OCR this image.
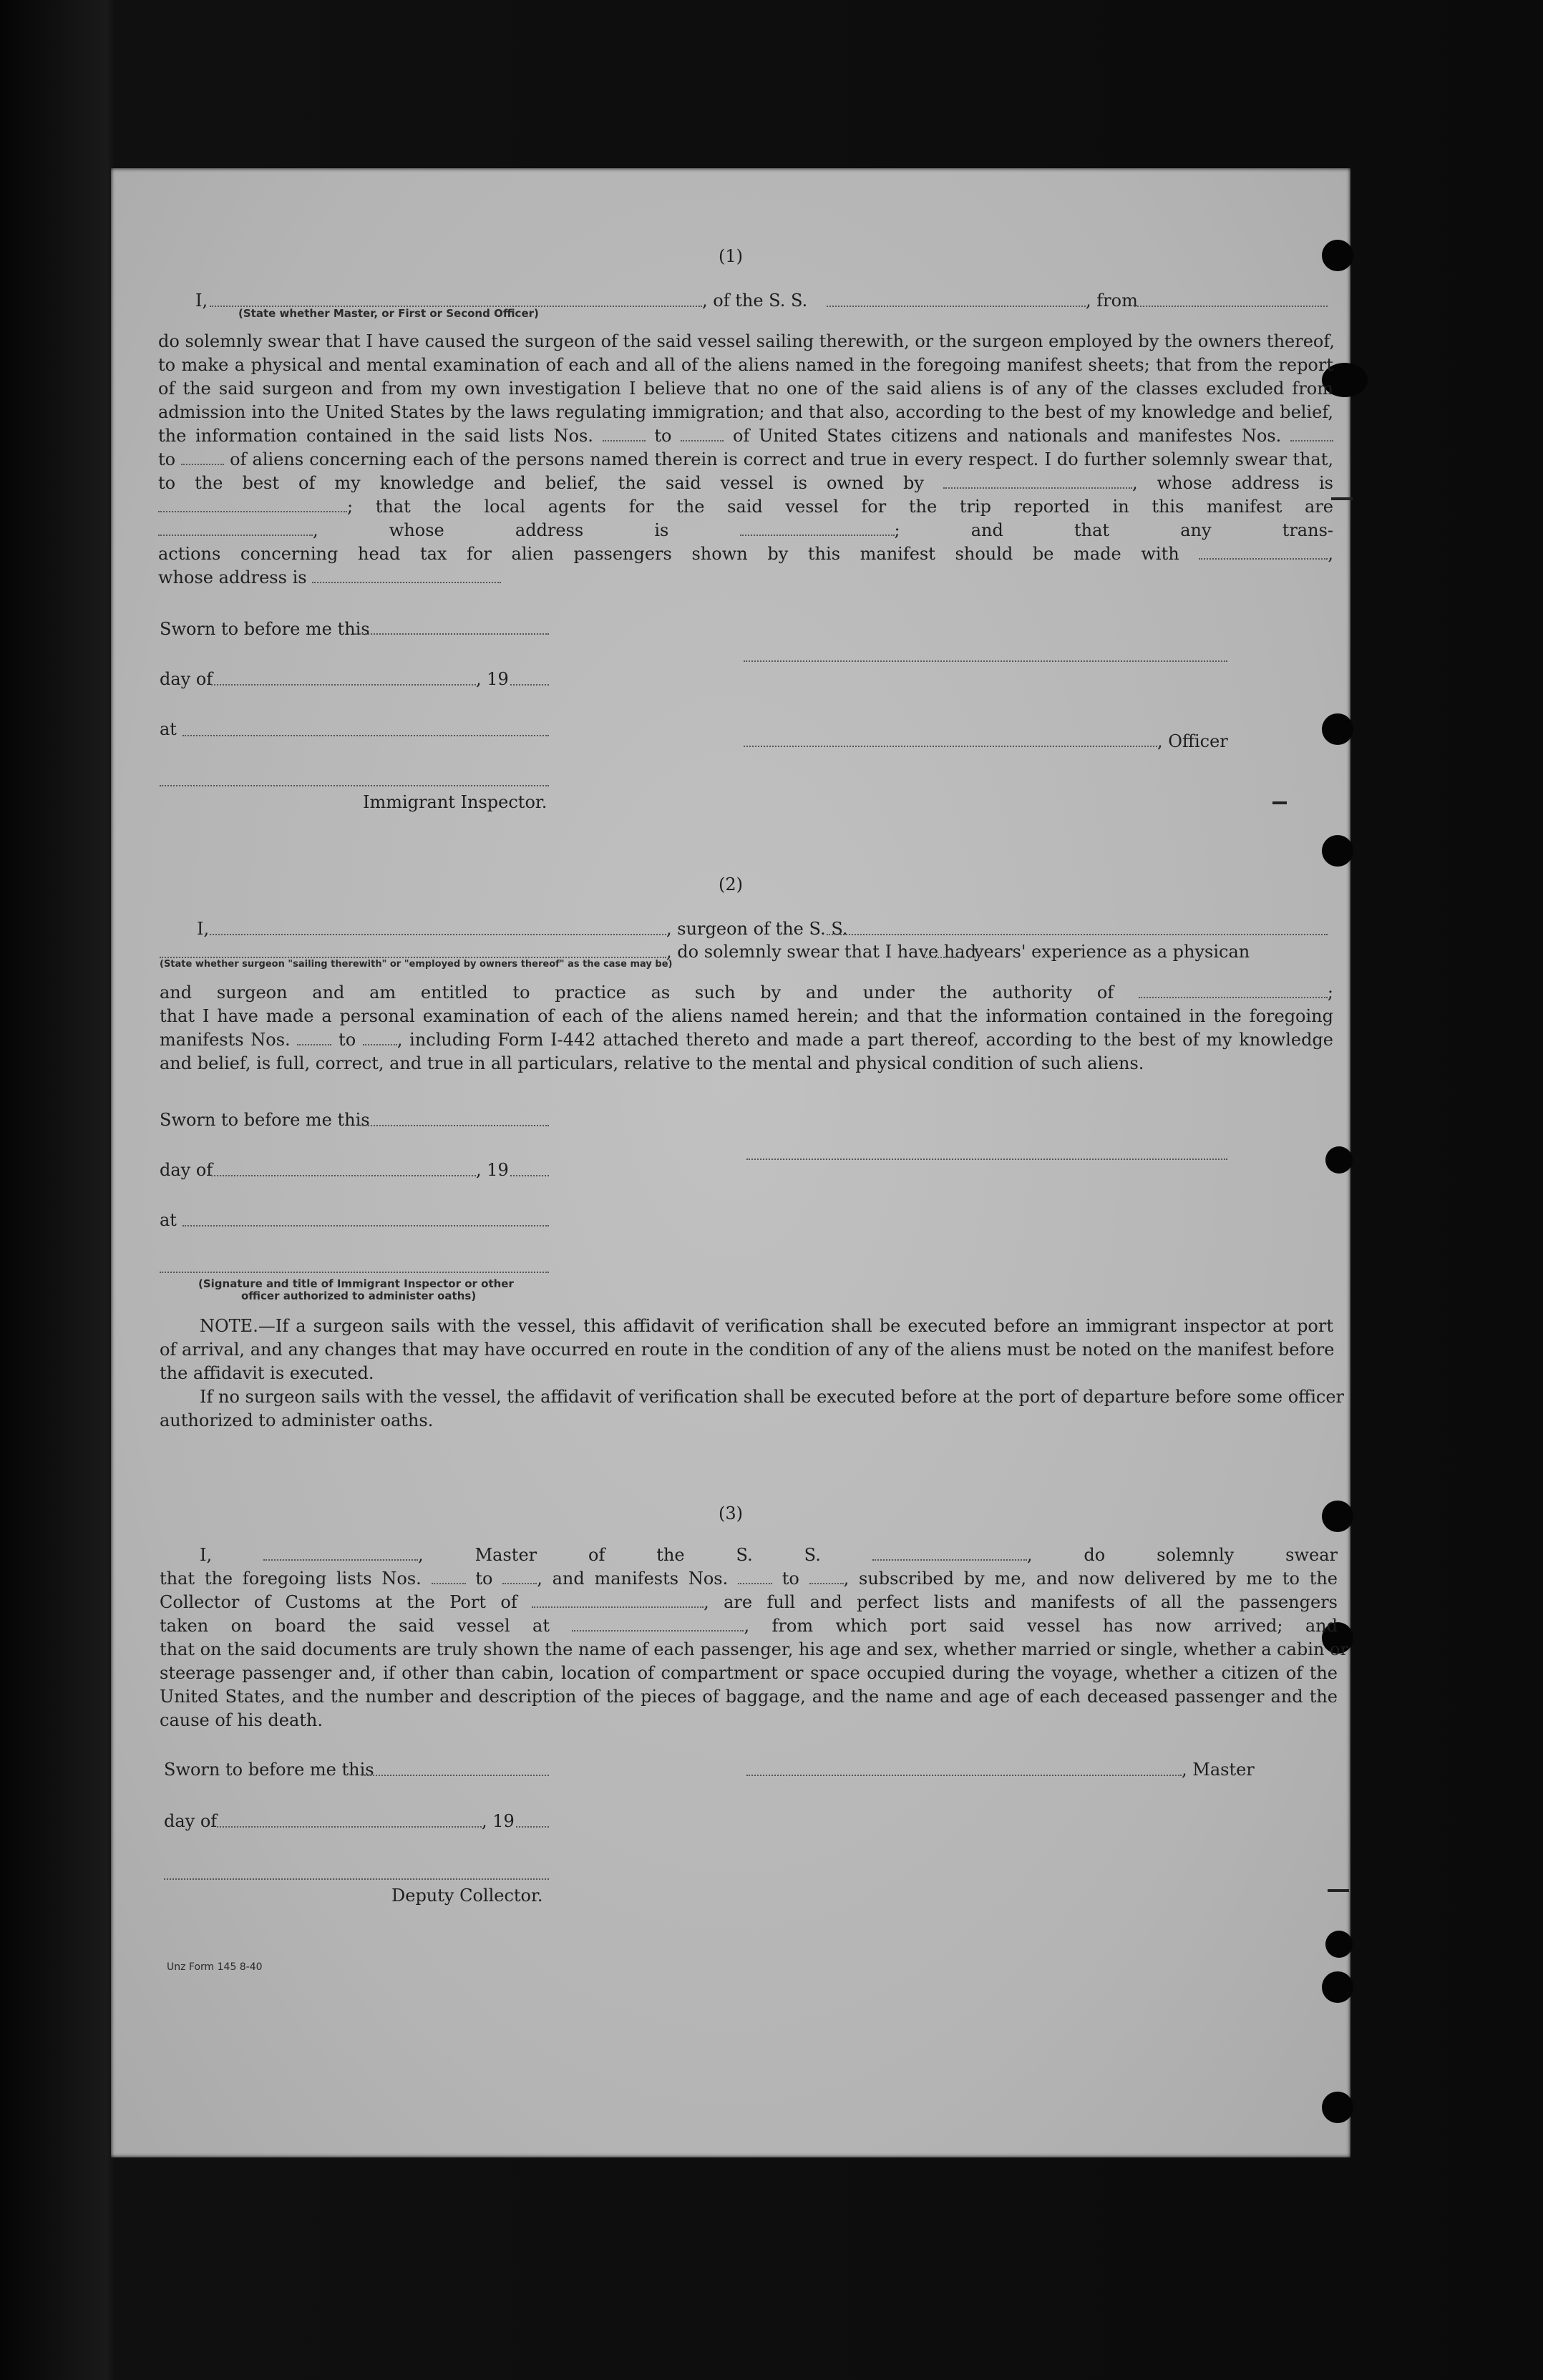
(1)
I,	, of the S. S.	, from
(State whether Master, or First or Second Officer)
do solemnly swear that I have caused the surgeon of the said vessel sailing therewith, or the surgeon employed by the owners thereof,
to make a physical and mental examination of each and all of the aliens named in the foregoing manifest sheets; that from the report
of the said surgeon and from my own investigation I believe that no one of the said aliens is of any of the classes excluded from
admission into the United States by the laws regulating immigration; and that also, according to the best of my knowledge and belief,
the information contained in the said lists Nos.	to	of United States citizens and nationals and manifestes Nos.
to	of aliens concerning each of the persons named therein is correct and true in every respect. I do further solemnly swear that,
to the best of my knowledge and belief, the said vessel is owned by	, whose address is
; that the local agents for the said vessel for the trip reported in this manifest are
, whose address is	; and that any trans-
actions concerning head tax for alien passengers shown by this manifest should be made with	,
whose address is
Sworn to before me this
day of	, 19
at
, Officer
Immigrant Inspector.
(2)
I,	, surgeon of the S. S.
, do solemnly swear that I have had
years' experience as a physican
(State whether surgeon "sailing therewith" or "employed by owners thereof" as the case may be)
and surgeon and am entitled to practice as such by and under the authority of	;
that I have made a personal examination of each of the aliens named herein; and that the information contained in the foregoing
manifests Nos.  to , including Form I-442 attached thereto and made a part thereof, according to the best of my knowledge
and belief, is full, correct, and true in all particulars, relative to the mental and physical condition of such aliens.
Sworn to before me this
day of	, 19
at
(Signature and title of Immigrant Inspector or other
officer authorized to administer oaths)
NOTE.—If a surgeon sails with the vessel, this affidavit of verification shall be executed before an immigrant inspector at port
of arrival, and any changes that may have occurred en route in the condition of any of the aliens must be noted on the manifest before
the affidavit is executed.
If no surgeon sails with the vessel, the affidavit of verification shall be executed before at the port of departure before some officer
authorized to administer oaths.
(3)
I,	, Master of the S. S.	, do solemnly swear
that the foregoing lists Nos.  to , and manifests Nos.  to , subscribed by me, and now delivered by me to the
Collector of Customs at the Port of	, are full and perfect lists and manifests of all the passengers
taken on board the said vessel at	, from which port said vessel has now arrived; and
that on the said documents are truly shown the name of each passenger, his age and sex, whether married or single, whether a cabin or
steerage passenger and, if other than cabin, location of compartment or space occupied during the voyage, whether a citizen of the
United States, and the number and description of the pieces of baggage, and the name and age of each deceased passenger and the
cause of his death.
Sworn to before me this	, Master
day of	, 19
Deputy Collector.
Unz Form 145 8-40
